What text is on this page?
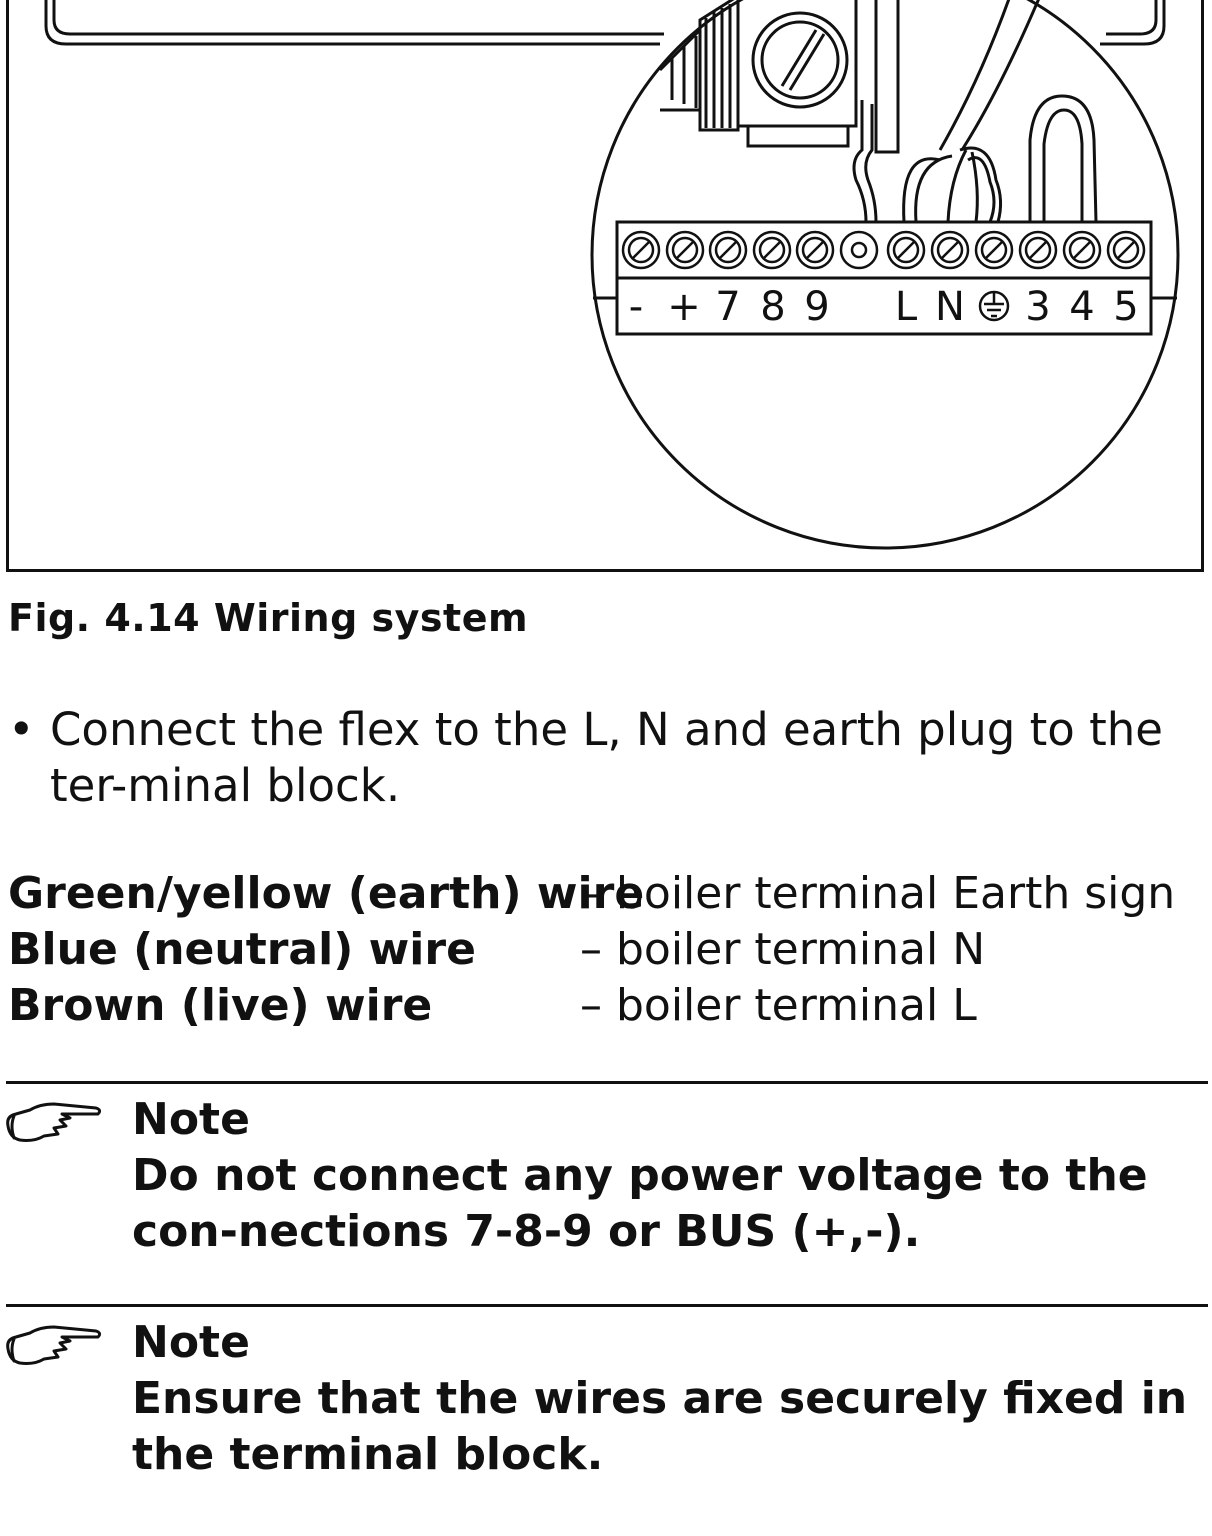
- + 7 8 9 L N 3 4 5
Fig. 4.14 Wiring system
• Connect the flex to the L, N and earth plug to the ter-minal block.
Green/yellow (earth) wire
– boiler terminal Earth sign
Blue (neutral) wire – boiler terminal N
Brown (live) wire	– boiler terminal L
Note
Do not connect any power voltage to the con-nections 7-8-9 or BUS (+,-).
Note
Ensure that the wires are securely fixed in the terminal block.
